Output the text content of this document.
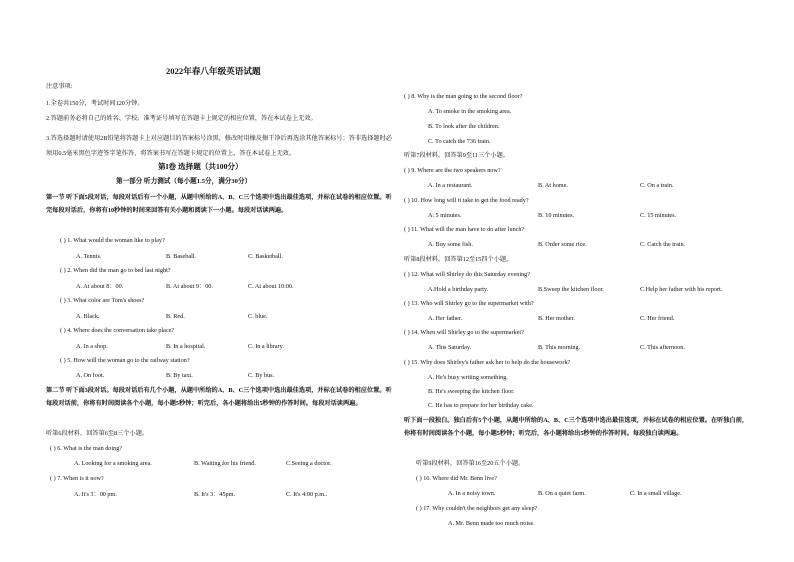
2022年春八年级英语试题
注意事项:
1.全卷共150分，考试时间120分钟。
2.答题前务必将自己的姓名、学校、准考证号填写在答题卡上规定的相应位置，答在本试卷上无效。
3.答选择题时请使用2B铅笔将答题卡上对应题目的答案标号涂黑，修改时用橡皮擦干净后再选涂其他答案标号；答非选择题时必须用0.5毫米黑色字迹签字笔作答，将答案书写在答题卡规定的位置上，答在本试卷上无效。
第I卷 选择题（共100分）
第一部分 听力测试（每小题1.5分，满分30分）
第一节 听下面5段对话，每段对话后有一个小题，从题中所给的A、B、C三个选项中选出最佳选项，并标在试卷的相应位置。听完每段对话后，你将有10秒钟的时间来回答有关小题和阅读下一小题。每段对话读两遍。
( ) 1. What would the woman like to play?
A. Tennis.	B. Baseball.	C. Basketball.
( ) 2. When did the man go to bed last night?
A. At about 8：00.	B. At about 9：00.	C. At about 10:00.
( ) 3. What color are Tom's shoes?
A. Black.	B. Red.	C. blue.
( ) 4. Where does the conversation take place?
A. In a shop.	B. In a hospital.	C. In a library.
( ) 5. How will the woman go to the railway station?
A. On foot.	B. By taxi.	C. By bus.
第二节 听下面3段对话。每段对话后有几个小题，从题中所给的A、B、C三个选项中选出最佳选项，并标在试卷的相应位置。听每段对话前，你将有时间阅读各个小题，每小题5秒钟；听完后，各小题将给出5秒钟的作答时间。每段对话读两遍。
听第6段材料，回答第6至8三个小题。
( ) 6. What is the man doing?
A. Looking for a smoking area.	B. Waiting for his friend.	C.Seeing a doctor.
( ) 7. When is it now?
A. It's 3：00 pm.	B. It's 3：45pm.	C. It's 4:00 p.m..
( ) 8. Why is the man going to the second floor?
A. To smoke in the smoking area.
B. To look after the children.
C. To catch the 736 train.
听第7段材料，回答第9至11三个小题。
( ) 9. Where are the two speakers now?
A. In a restaurant.	B. At home.	C. On a train.
( ) 10. How long will it take to get the food ready?
A. 5 minutes.	B. 10 minutes.	C. 15 minutes.
( ) 11. What will the man have to do after lunch?
A. Buy some fish.	B. Order some rice.	C. Catch the train.
听第8段材料，回答第12至15四个小题。
( ) 12. What will Shirley do this Saturday evening?
A.Hold a birthday party.	B.Sweep the kitchen floor.	C.Help her father with his report.
( ) 13. Who will Shirley go to the supermarket with?
A. Her father.	B. Her mother.	C. Her friend.
( ) 14. When will Shirley go to the supermarket?
A. This Saturday.	B. This morning.	C. This afternoon.
( ) 15. Why does Shirley's father ask her to help do the housework?
A. He's busy writing something.
B. He's sweeping the kitchen floor.
C. He has to prepare for her birthday cake.
听下面一段独白。独白后有5个小题，从题中所给的A、B、C三个选项中选出最佳选项，并标在试卷的相应位置。在听独白前，你将有时间阅读各个小题，每小题5秒钟；听完后，各小题将给出5秒钟的作答时间。每段独白读两遍。
听第9段材料，回答第16至20五个小题。
( ) 16. Where did Mr. Benn live?
A. In a noisy town.	B. On a quiet farm.	C. In a small village.
( ) 17. Why couldn't the neighbors get any sleep?
A. Mr. Benn made too much noise.
